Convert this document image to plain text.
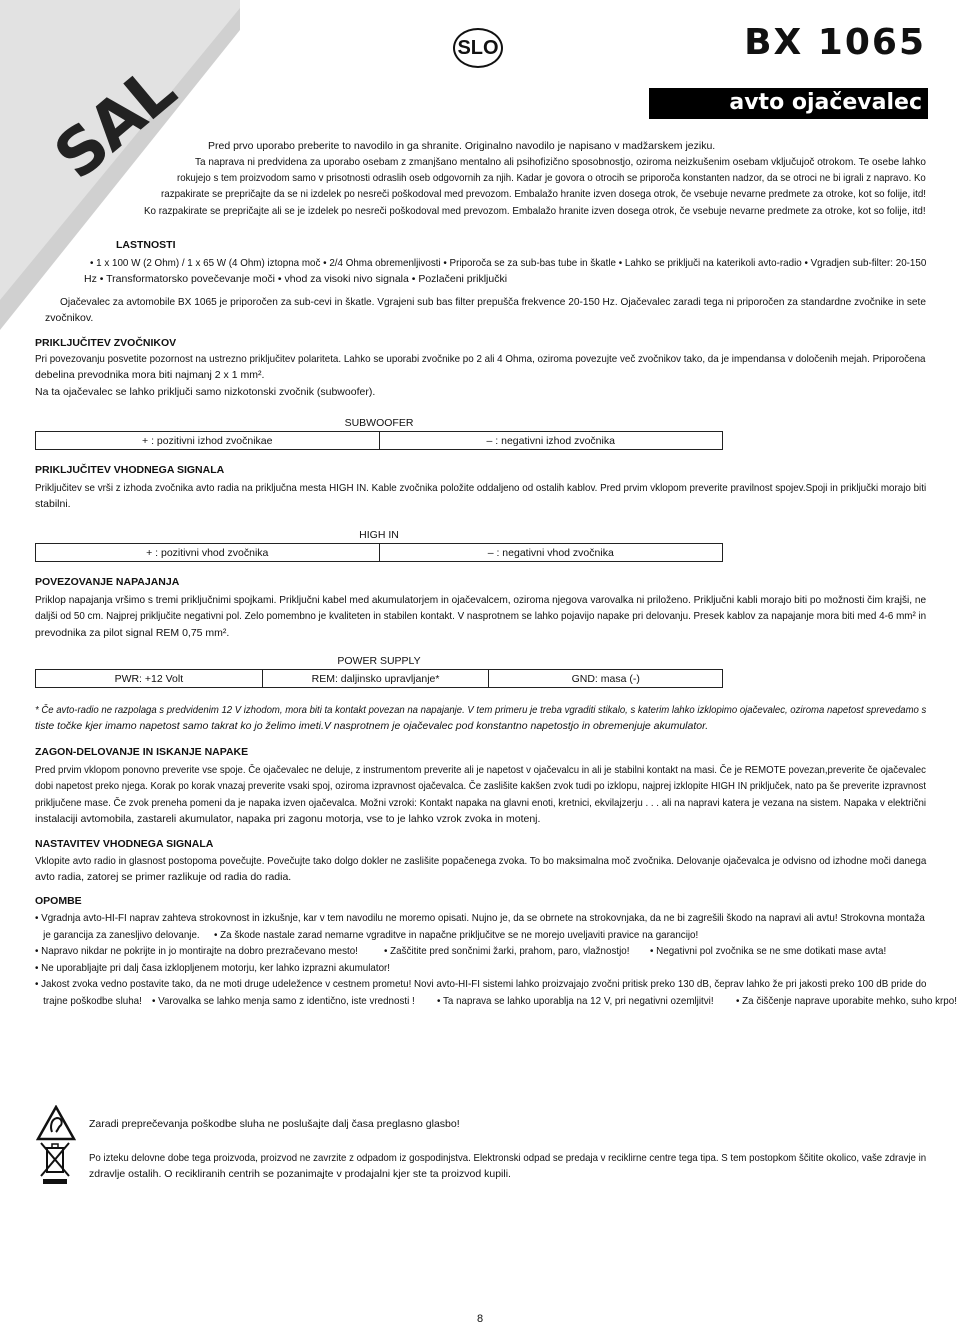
SAL
SLO	BX 1065
avto ojačevalec
Pred prvo uporabo preberite to navodilo in ga shranite. Originalno navodilo je napisano v madžarskem jeziku.
Ta naprava ni predvidena za uporabo osebam z zmanjšano mentalno ali psihofizično sposobnostjo, oziroma neizkušenim osebam vključujoč otrokom. Te osebe lahko
rokujejo s tem proizvodom samo v prisotnosti odraslih oseb odgovornih za njih. Kadar je govora o otrocih se priporoča konstanten nadzor, da se otroci ne bi igrali z napravo. Ko
razpakirate se prepričajte da se ni izdelek po nesreči poškodoval med prevozom. Embalažo hranite izven dosega otrok, če vsebuje nevarne predmete za otroke, kot so folije, itd!
Ko razpakirate se prepričajte ali se je izdelek po nesreči poškodoval med prevozom. Embalažo hranite izven dosega otrok, če vsebuje nevarne predmete za otroke, kot so folije, itd!
LASTNOSTI
• 1 x 100 W (2 Ohm) / 1 x 65 W (4 Ohm) iztopna moč • 2/4 Ohma obremenljivosti • Priporoča se za sub-bas tube in škatle • Lahko se priključi na katerikoli avto-radio • Vgradjen sub-filter: 20-150
Hz • Transformatorsko povečevanje moči • vhod za visoki nivo signala • Pozlačeni priključki
Ojačevalec za avtomobile BX 1065 je priporočen za sub-cevi in škatle. Vgrajeni sub bas filter prepušča frekvence 20-150 Hz. Ojačevalec zaradi tega ni priporočen za standardne zvočnike in sete
zvočnikov.
PRIKLJUČITEV ZVOČNIKOV
Pri povezovanju posvetite pozornost na ustrezno priključitev polaritetа. Lahko se uporabi zvočnike po 2 ali 4 Ohma, oziroma povezujte več zvočnikov tako, da je impendansa v določenih mejah. Priporočena
debelina prevodnika mora biti najmanj 2 x 1 mm².
Na ta ojačevalec se lahko priključi samo nizkotonski zvočnik (subwoofer).
SUBWOOFER
+ : pozitivni izhod zvočnikae	– : negativni izhod zvočnika
PRIKLJUČITEV VHODNEGA SIGNALA
Priključitev se vrši z izhoda zvočnika avto radia na priključna mesta HIGH IN. Kable zvočnika položite oddaljeno od ostalih kablov. Pred prvim vklopom preverite pravilnost spojev.Spoji in priključki morajo biti
stabilni.
HIGH IN
+ : pozitivni vhod zvočnika	– : negativni vhod zvočnika
POVEZOVANJE NAPAJANJA
Priklop napajanja vršimo s tremi priključnimi spojkami. Priključni kabel med akumulatorjem in ojačevalcem, oziroma njegova varovalka ni priloženo. Priključni kabli morajo biti po možnosti čim krajši, ne
daljši od 50 cm. Najprej priključite negativni pol. Zelo pomembno je kvaliteten in stabilen kontakt. V nasprotnem se lahko pojavijo napake pri delovanju. Presek kablov za napajanje mora biti med 4-6 mm² in
prevodnika za pilot signal REM 0,75 mm².
POWER SUPPLY
PWR: +12 Volt	REM: daljinsko upravljanje*	GND: masa (-)
* Če avto-radio ne razpolaga s predvidenim 12 V izhodom, mora biti ta kontakt povezan na napajanje. V tem primeru je treba vgraditi stikalo, s katerim lahko izklopimo ojačevalec, oziroma napetost sprevedamo s
tiste točke kjer imamo napetost samo takrat ko jo želimo imeti.V nasprotnem je ojačevalec pod konstantno napetostjo in obremenjuje akumulator.
ZAGON-DELOVANJE IN ISKANJE NAPAKE
Pred prvim vklopom ponovno preverite vse spoje. Če ojačevalec ne deluje, z instrumentom preverite ali je napetost v ojačevalcu in ali je stabilni kontakt na masi. Če je REMOTE povezan,preverite če ojačevalec
dobi napetost preko njega. Korak po korak vnazaj preverite vsaki spoj, oziroma izpravnost ojačevalca. Če zaslišite kakšen zvok tudi po izklopu, najprej izklopite HIGH IN priključek, nato pa še preverite izpravnost
priključene mase. Če zvok preneha pomeni da je napaka izven ojačevalca. Možni vzroki: Kontakt napaka na glavni enoti, kretnici, ekvilajzerju . . . ali na napravi katera je vezana na sistem. Napaka v električni
instalaciji avtomobila, zastareli akumulator, napaka pri zagonu motorja, vse to je lahko vzrok zvoka in motenj.
NASTAVITEV VHODNEGA SIGNALA
Vklopite avto radio in glasnost postopoma povečujte. Povečujte tako dolgo dokler ne zaslišite popačenega zvoka. To bo maksimalna moč zvočnika. Delovanje ojačevalca je odvisno od izhodne moči danega
avto radia, zatorej se primer razlikuje od radia do radia.
OPOMBE
• Vgradnja avto-HI-FI naprav zahteva strokovnost in izkušnje, kar v tem navodilu ne moremo opisati. Nujno je, da se obrnete na strokovnjaka, da ne bi zagrešili škodo na napravi ali avtu! Strokovna montaža    je garancija za zanesljivo delovanje. • Za škode nastale zarad nemarne vgraditve in napačne priključitve se ne morejo uveljaviti pravice na garancijo! • Napravo nikdar ne pokrijte in jo montirajte na dobro prezračevano mesto! • Zaščitite pred sončnimi žarki, prahom, paro, vlažnostjo! • Negativni pol zvočnika se ne sme dotikati mase avta! • Ne uporabljajte pri dalj časa izklopljenem motorju, ker lahko izprazni akumulator! • Jakost zvoka vedno postavite tako, da ne moti druge udeležence v cestnem prometu! Novi avto-HI-FI sistemi lahko proizvajajo zvočni pritisk preko 130 dB, čeprav lahko že pri jakosti preko 100 dB pride do    trajne poškodbe sluha! • Varovalka se lahko menja samo z identično, iste vrednosti ! • Ta naprava se lahko uporablja na 12 V, pri negativni ozemljitvi! • Za čiščenje naprave uporabite mehko, suho krpo!
Zaradi preprečevanja poškodbe sluha ne poslušajte dalj časa preglasno glasbo!
Po izteku delovne dobe tega proizvoda, proizvod ne zavrzite z odpadom iz gospodinjstva. Elektronski odpad se predaja v reciklirne centre tega tipa. S tem postopkom ščitite okolico, vaše zdravje in
zdravlje ostalih. O recikliranih centrih se pozanimajte v prodajalni kjer ste ta proizvod kupili.
8
